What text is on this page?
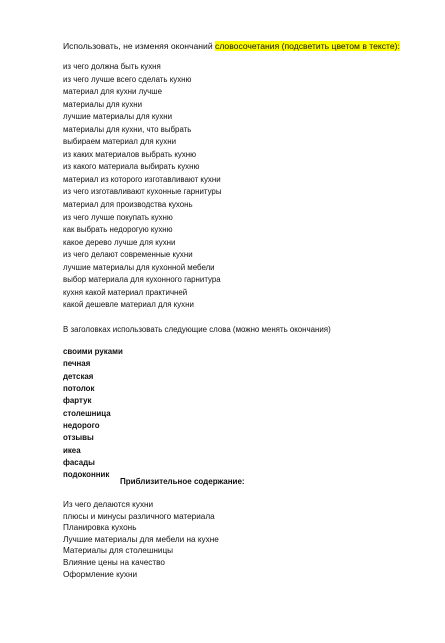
Использовать, не изменяя окончаний словосочетания (подсветить цветом в тексте):
из чего должна быть кухня
из чего лучше всего сделать кухню
материал для кухни лучше
материалы для кухни
лучшие материалы для кухни
материалы для кухни, что выбрать
выбираем материал для кухни
из каких материалов выбрать кухню
из какого материала выбирать кухню
материал из которого изготавливают кухни
из чего изготавливают кухонные гарнитуры
материал для производства кухонь
из чего лучше покупать кухню
как выбрать недорогую кухню
какое дерево лучше для кухни
из чего делают современные кухни
лучшие материалы для кухонной мебели
выбор материала для кухонного гарнитура
кухня какой материал практичней
какой дешевле материал для кухни
В заголовках использовать следующие слова (можно менять окончания)
своими руками
печная
детская
потолок
фартук
столешница
недорого
отзывы
икеа
фасады
подоконник
Приблизительное содержание:
Из чего делаются кухни
плюсы и минусы различного материала
Планировка кухонь
Лучшие материалы для мебели на кухне
Материалы для столешницы
Влияние цены на качество
Оформление кухни
